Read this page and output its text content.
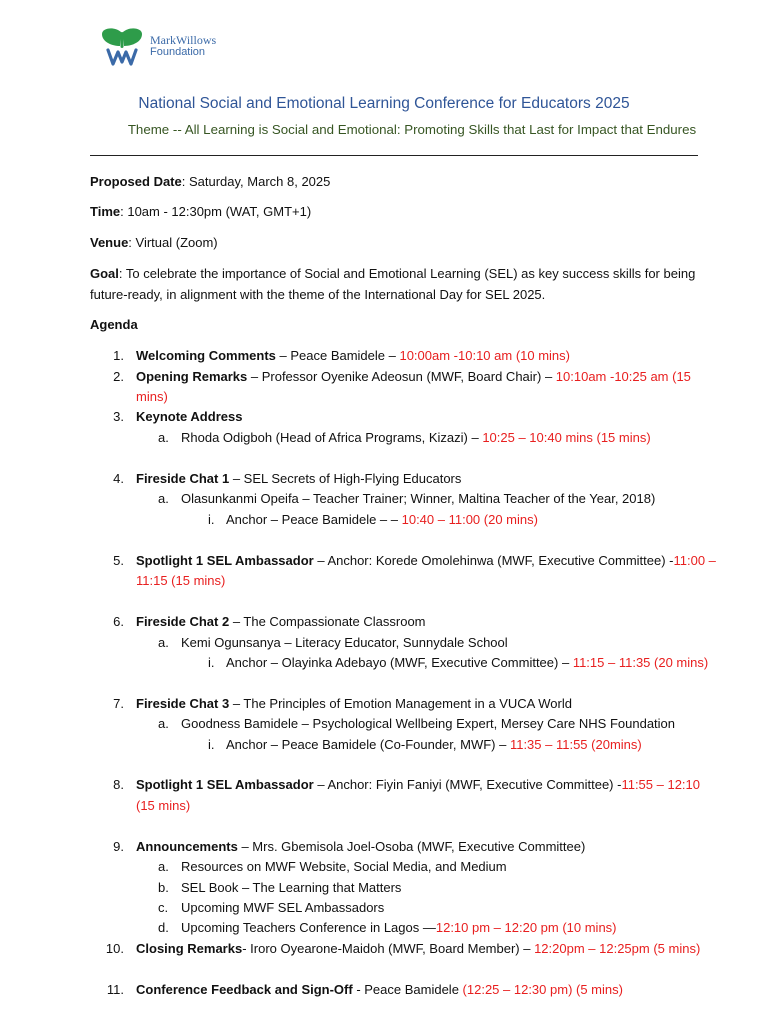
MarkWillows
Foundation
National Social and Emotional Learning Conference for Educators 2025
Theme -- All Learning is Social and Emotional: Promoting Skills that Last for Impact that Endures
Proposed Date: Saturday, March 8, 2025
Time: 10am - 12:30pm (WAT, GMT+1)
Venue: Virtual (Zoom)
Goal: To celebrate the importance of Social and Emotional Learning (SEL) as key success skills for being
future-ready, in alignment with the theme of the International Day for SEL 2025.
Agenda
1. Welcoming Comments – Peace Bamidele – 10:00am -10:10 am (10 mins)
2. Opening Remarks – Professor Oyenike Adeosun (MWF, Board Chair) – 10:10am -10:25 am (15
mins)
3. Keynote Address
a. Rhoda Odigboh (Head of Africa Programs, Kizazi) – 10:25 – 10:40 mins (15 mins)
4. Fireside Chat 1 – SEL Secrets of High-Flying Educators
a. Olasunkanmi Opeifa – Teacher Trainer; Winner, Maltina Teacher of the Year, 2018)
i. Anchor – Peace Bamidele – – 10:40 – 11:00 (20 mins)
5. Spotlight 1 SEL Ambassador – Anchor: Korede Omolehinwa (MWF, Executive Committee) -11:00 –
11:15 (15 mins)
6. Fireside Chat 2 – The Compassionate Classroom
a. Kemi Ogunsanya – Literacy Educator, Sunnydale School
i. Anchor – Olayinka Adebayo (MWF, Executive Committee) – 11:15 – 11:35 (20 mins)
7. Fireside Chat 3 – The Principles of Emotion Management in a VUCA World
a. Goodness Bamidele – Psychological Wellbeing Expert, Mersey Care NHS Foundation
i. Anchor – Peace Bamidele (Co-Founder, MWF) – 11:35 – 11:55 (20mins)
8. Spotlight 1 SEL Ambassador – Anchor: Fiyin Faniyi (MWF, Executive Committee) -11:55 – 12:10
(15 mins)
9. Announcements – Mrs. Gbemisola Joel-Osoba (MWF, Executive Committee)
a. Resources on MWF Website, Social Media, and Medium
b. SEL Book – The Learning that Matters
c. Upcoming MWF SEL Ambassadors
d. Upcoming Teachers Conference in Lagos —12:10 pm – 12:20 pm (10 mins)
10. Closing Remarks- Iroro Oyearone-Maidoh (MWF, Board Member) – 12:20pm – 12:25pm (5 mins)
11. Conference Feedback and Sign-Off - Peace Bamidele (12:25 – 12:30 pm) (5 mins)
